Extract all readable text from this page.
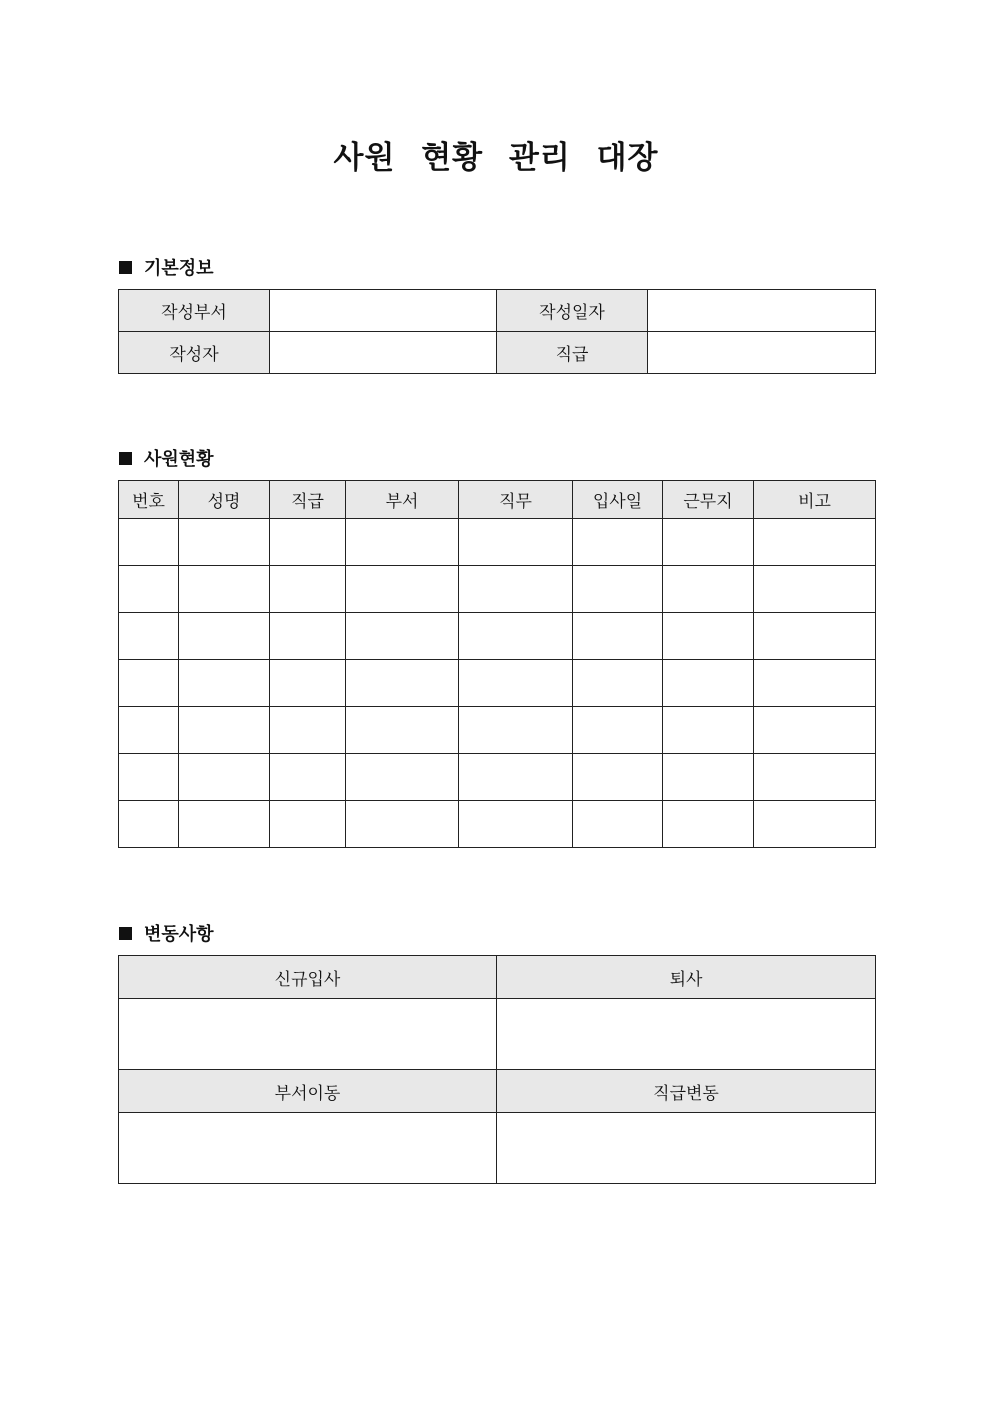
사원 현황 관리 대장
기본정보
작성부서		작성일자	
작성자		직급	
사원현황
번호	성명	직급	부서	직무	입사일	근무지	비고

변동사항
신규입사	퇴사

부서이동	직급변동
